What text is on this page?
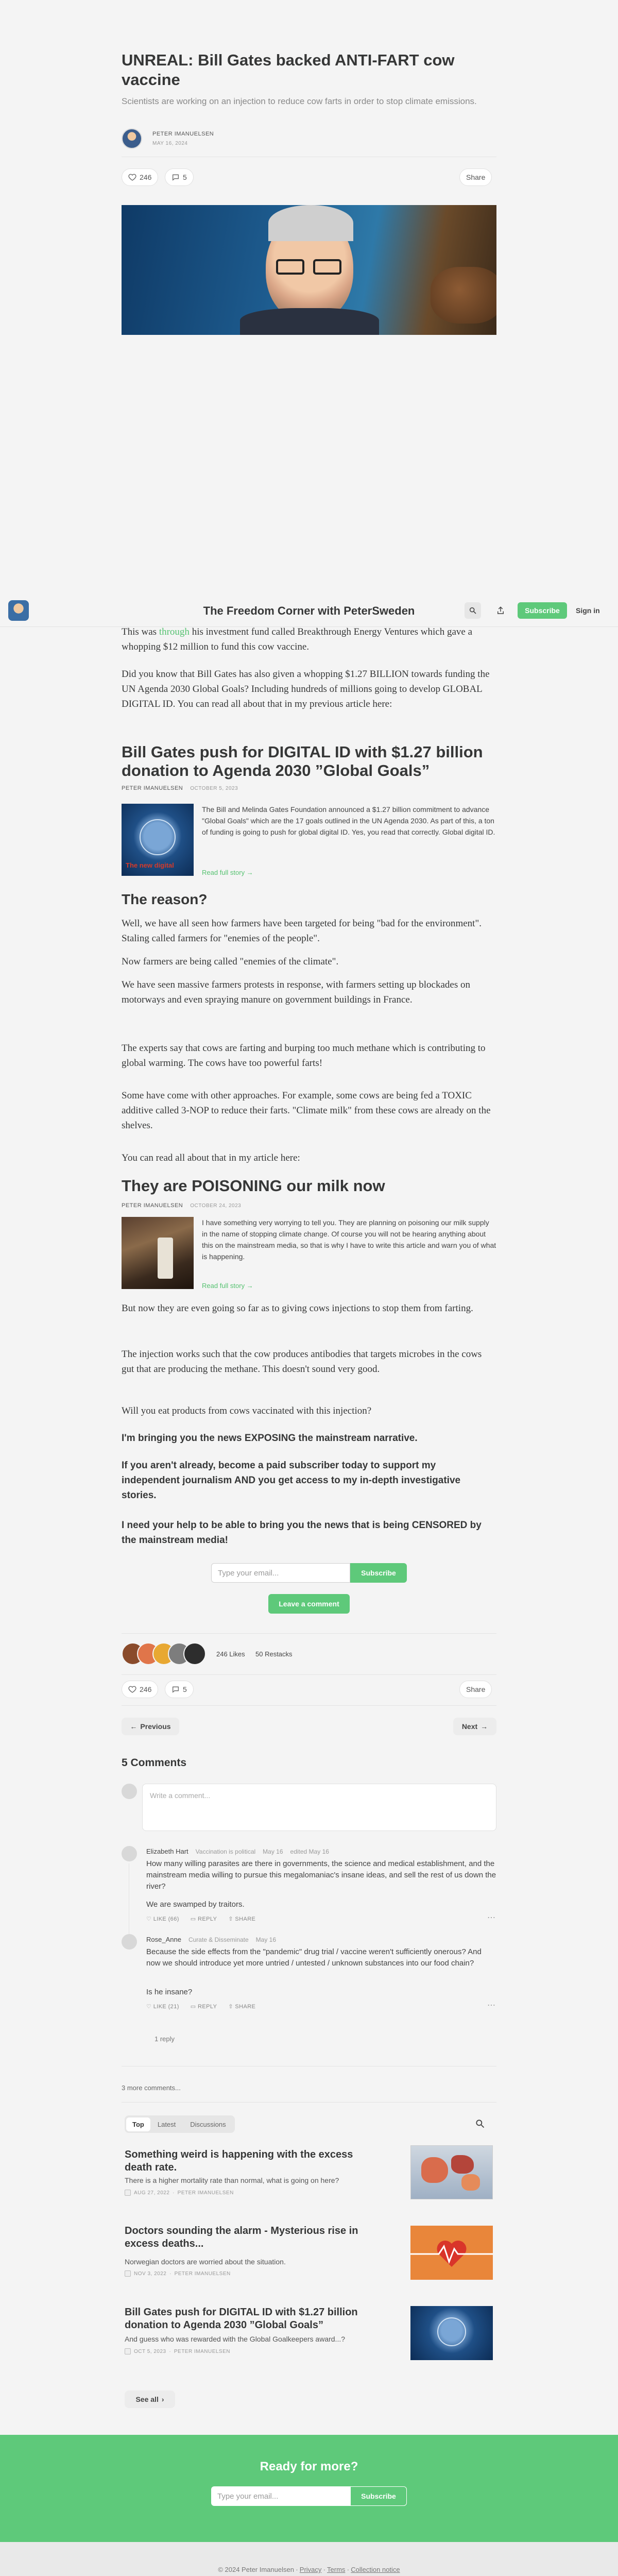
UNREAL: Bill Gates backed ANTI-FART cow vaccine

Scientists are working on an injection to reduce cow farts in order to stop climate emissions.

PETER IMANUELSEN
MAY 16, 2024
246	5	Share
The Freedom Corner with PeterSweden	Subscribe	Sign in

This was through his investment fund called Breakthrough Energy Ventures which gave a whopping $12 million to fund this cow vaccine.

Did you know that Bill Gates has also given a whopping $1.27 BILLION towards funding the UN Agenda 2030 Global Goals? Including hundreds of millions going to develop GLOBAL DIGITAL ID. You can read all about that in my previous article here:

Bill Gates push for DIGITAL ID with $1.27 billion donation to Agenda 2030 ”Global Goals”
PETER IMANUELSEN OCTOBER 5, 2023
The new digital

The Bill and Melinda Gates Foundation announced a $1.27 billion commitment to advance "Global Goals" which are the 17 goals outlined in the UN Agenda 2030. As part of this, a ton of funding is going to push for global digital ID. Yes, you read that correctly. Global digital ID.

Read full story →
The reason?

Well, we have all seen how farmers have been targeted for being "bad for the environment". Staling called farmers for "enemies of the people".

Now farmers are being called "enemies of the climate".

We have seen massive farmers protests in response, with farmers setting up blockades on motorways and even spraying manure on government buildings in France.

The experts say that cows are farting and burping too much methane which is contributing to global warming. The cows have too powerful farts!

Some have come with other approaches. For example, some cows are being fed a TOXIC additive called 3-NOP to reduce their farts. "Climate milk" from these cows are already on the shelves.

You can read all about that in my article here:

They are POISONING our milk now
PETER IMANUELSEN OCTOBER 24, 2023

I have something very worrying to tell you. They are planning on poisoning our milk supply in the name of stopping climate change. Of course you will not be hearing anything about this on the mainstream media, so that is why I have to write this article and warn you of what is happening.

Read full story →

But now they are even going so far as to giving cows injections to stop them from farting.

The injection works such that the cow produces antibodies that targets microbes in the cows gut that are producing the methane. This doesn't sound very good.

Will you eat products from cows vaccinated with this injection?

I'm bringing you the news EXPOSING the mainstream narrative.

If you aren't already, become a paid subscriber today to support my independent journalism AND you get access to my in-depth investigative stories.

I need your help to be able to bring you the news that is being CENSORED by the mainstream media!

Type your email...	Subscribe
Leave a comment
246 Likes 50 Restacks
246	5	Share
← Previous	Next →
5 Comments
Write a comment...
Elizabeth Hart Vaccination is political May 16 edited May 16

How many willing parasites are there in governments, the science and medical establishment, and the mainstream media willing to pursue this megalomaniac's insane ideas, and sell the rest of us down the river?

We are swamped by traitors.

♡ LIKE (66) ▭ REPLY ⇧ SHARE	⋯
Rose_Anne Curate & Disseminate May 16

Because the side effects from the "pandemic" drug trial / vaccine weren't sufficiently onerous? And now we should introduce yet more untried / untested / unknown substances into our food chain?

Is he insane?

♡ LIKE (21) ▭ REPLY ⇧ SHARE	⋯
1 reply
3 more comments...
Top	Latest	Discussions
Something weird is happening with the excess death rate.
There is a higher mortality rate than normal, what is going on here?
AUG 27, 2022 ∙ PETER IMANUELSEN
Doctors sounding the alarm - Mysterious rise in excess deaths...
Norwegian doctors are worried about the situation.
NOV 3, 2022 ∙ PETER IMANUELSEN
Bill Gates push for DIGITAL ID with $1.27 billion donation to Agenda 2030 ”Global Goals”
And guess who was rewarded with the Global Goalkeepers award...?
OCT 5, 2023 ∙ PETER IMANUELSEN
See all ›
Ready for more?
Type your email...	Subscribe
© 2024 Peter Imanuelsen ∙ Privacy ∙ Terms ∙ Collection notice
